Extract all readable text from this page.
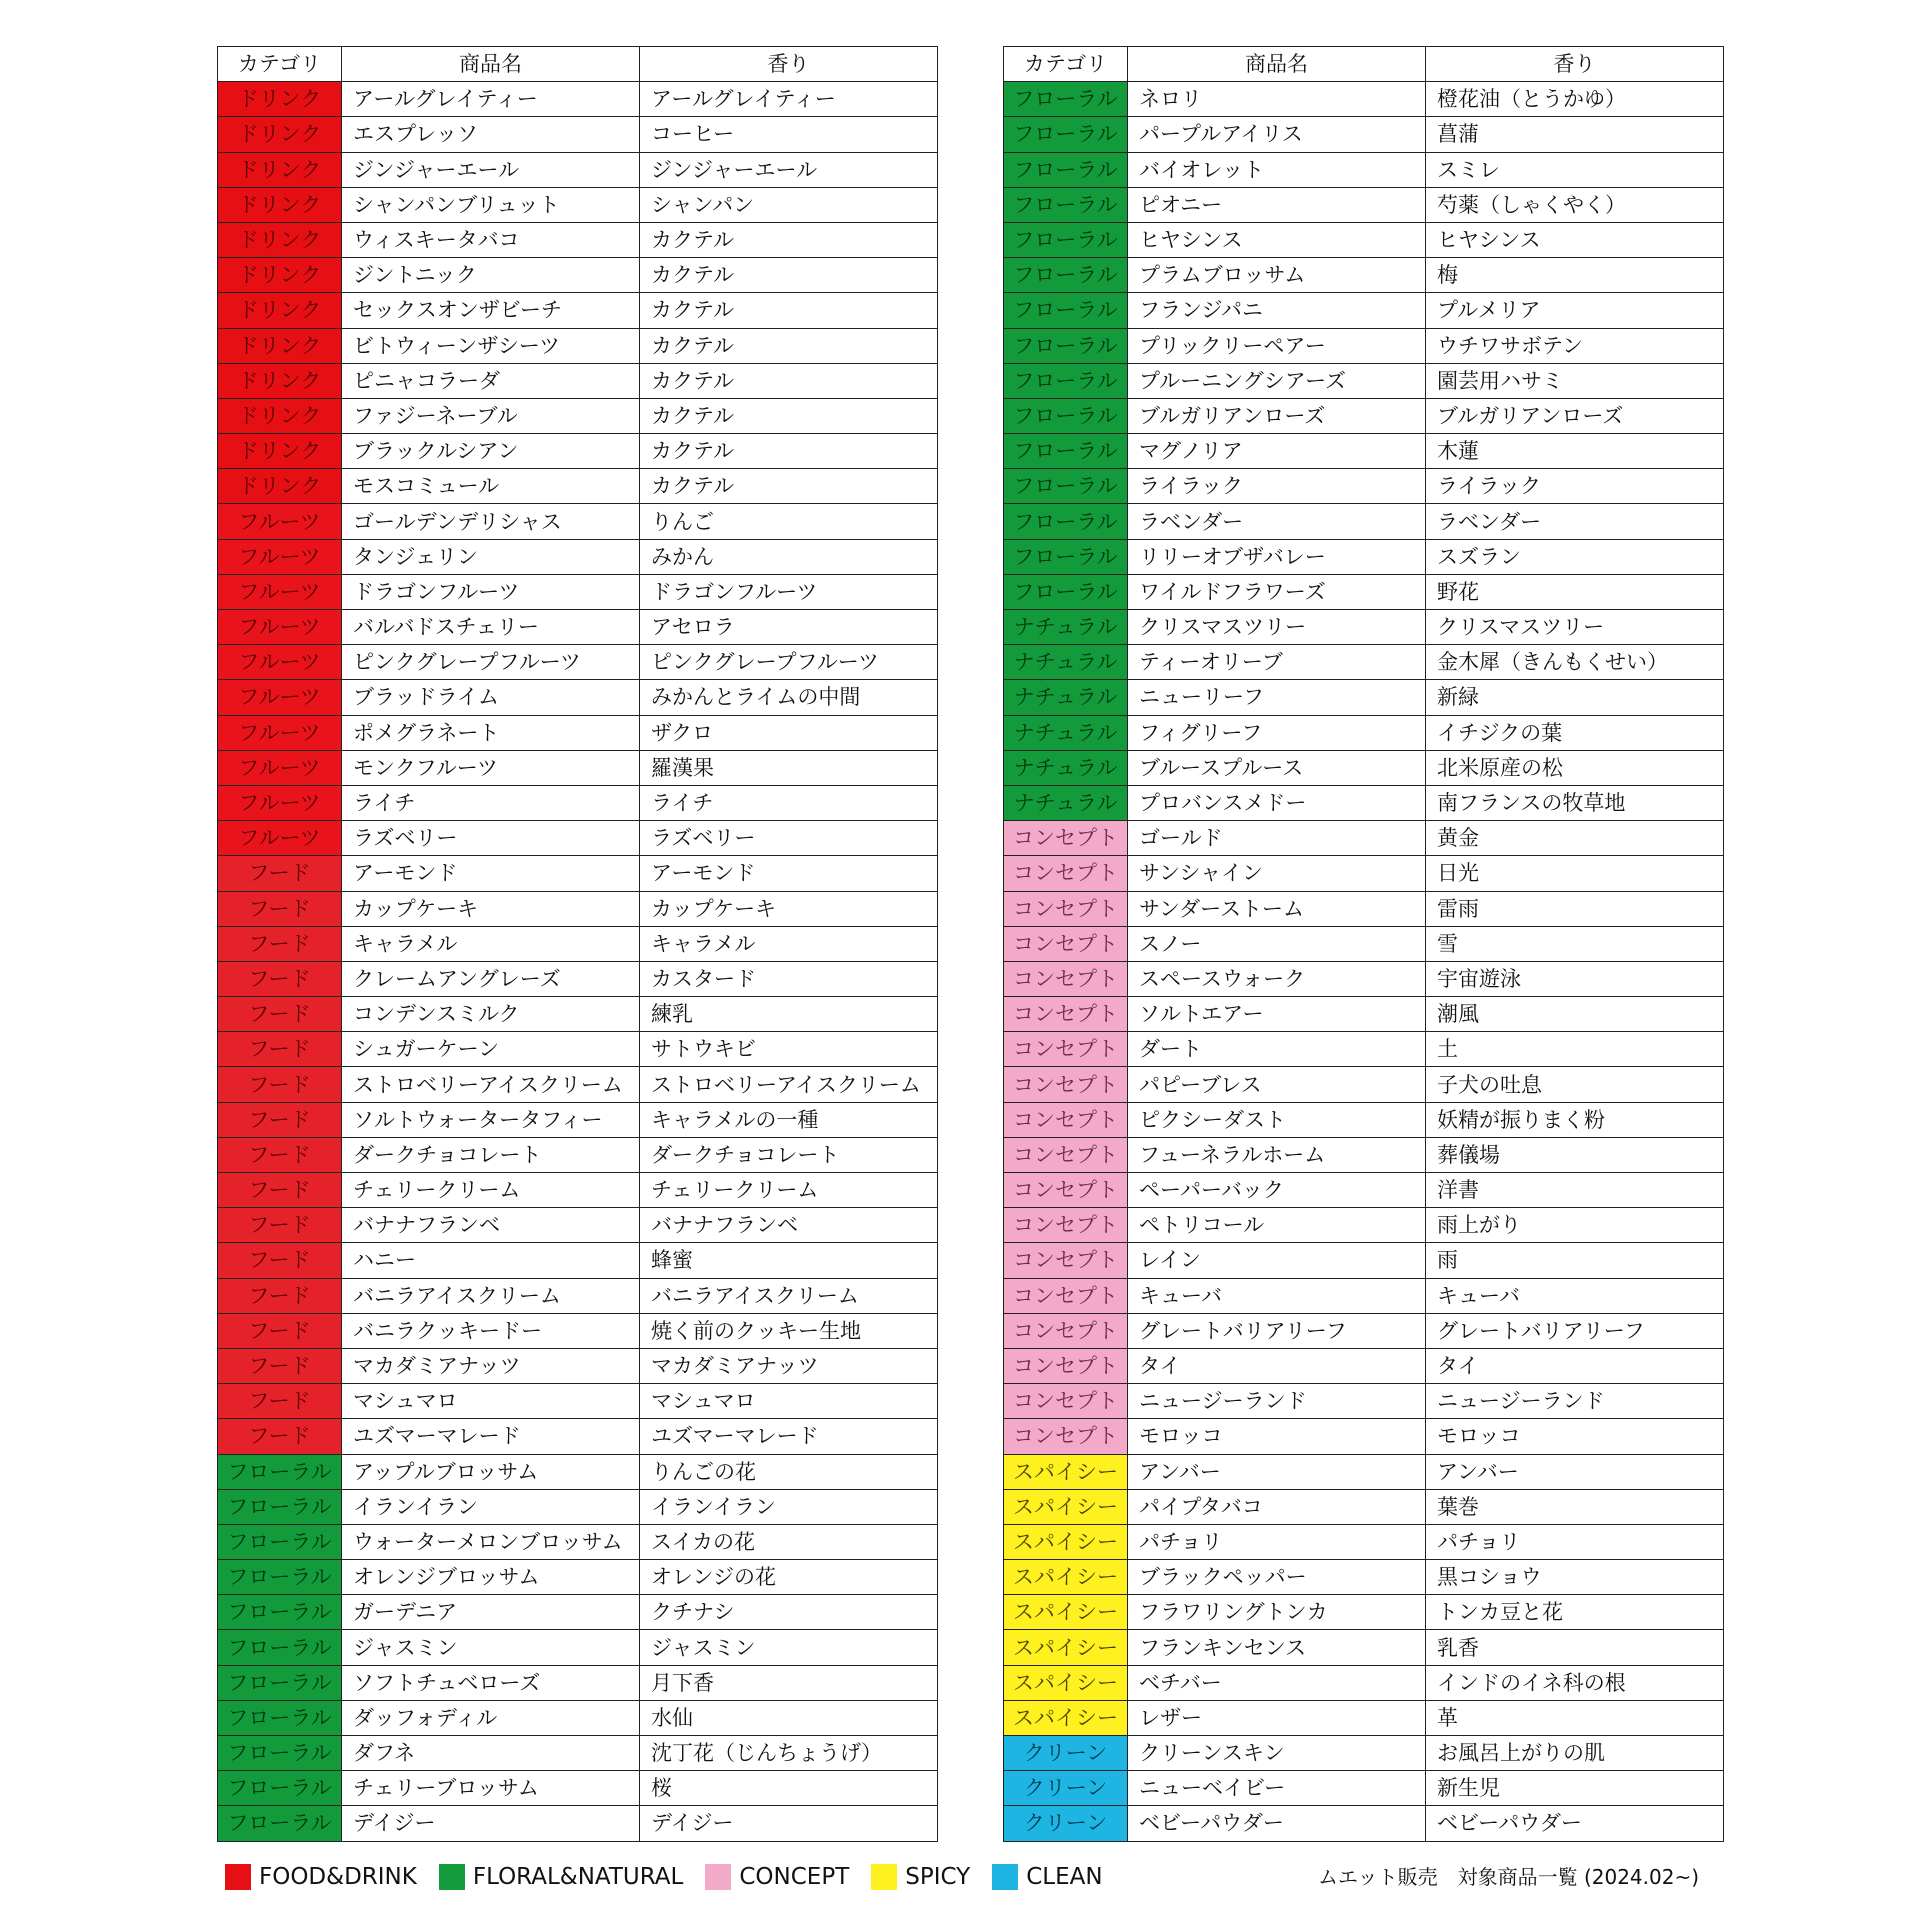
カテゴリ	商品名	香り
ドリンク	アールグレイティー	アールグレイティー
ドリンク	エスプレッソ	コーヒー
ドリンク	ジンジャーエール	ジンジャーエール
ドリンク	シャンパンブリュット	シャンパン
ドリンク	ウィスキータバコ	カクテル
ドリンク	ジントニック	カクテル
ドリンク	セックスオンザビーチ	カクテル
ドリンク	ビトウィーンザシーツ	カクテル
ドリンク	ピニャコラーダ	カクテル
ドリンク	ファジーネーブル	カクテル
ドリンク	ブラックルシアン	カクテル
ドリンク	モスコミュール	カクテル
フルーツ	ゴールデンデリシャス	りんご
フルーツ	タンジェリン	みかん
フルーツ	ドラゴンフルーツ	ドラゴンフルーツ
フルーツ	バルバドスチェリー	アセロラ
フルーツ	ピンクグレープフルーツ	ピンクグレープフルーツ
フルーツ	ブラッドライム	みかんとライムの中間
フルーツ	ポメグラネート	ザクロ
フルーツ	モンクフルーツ	羅漢果
フルーツ	ライチ	ライチ
フルーツ	ラズベリー	ラズベリー
フード	アーモンド	アーモンド
フード	カップケーキ	カップケーキ
フード	キャラメル	キャラメル
フード	クレームアングレーズ	カスタード
フード	コンデンスミルク	練乳
フード	シュガーケーン	サトウキビ
フード	ストロベリーアイスクリーム	ストロベリーアイスクリーム
フード	ソルトウォータータフィー	キャラメルの一種
フード	ダークチョコレート	ダークチョコレート
フード	チェリークリーム	チェリークリーム
フード	バナナフランベ	バナナフランベ
フード	ハニー	蜂蜜
フード	バニラアイスクリーム	バニラアイスクリーム
フード	バニラクッキードー	焼く前のクッキー生地
フード	マカダミアナッツ	マカダミアナッツ
フード	マシュマロ	マシュマロ
フード	ユズマーマレード	ユズマーマレード
フローラル	アップルブロッサム	りんごの花
フローラル	イランイラン	イランイラン
フローラル	ウォーターメロンブロッサム	スイカの花
フローラル	オレンジブロッサム	オレンジの花
フローラル	ガーデニア	クチナシ
フローラル	ジャスミン	ジャスミン
フローラル	ソフトチュベローズ	月下香
フローラル	ダッフォディル	水仙
フローラル	ダフネ	沈丁花（じんちょうげ）
フローラル	チェリーブロッサム	桜
フローラル	デイジー	デイジー
カテゴリ	商品名	香り
フローラル	ネロリ	橙花油（とうかゆ）
フローラル	パープルアイリス	菖蒲
フローラル	バイオレット	スミレ
フローラル	ピオニー	芍薬（しゃくやく）
フローラル	ヒヤシンス	ヒヤシンス
フローラル	プラムブロッサム	梅
フローラル	フランジパニ	プルメリア
フローラル	プリックリーペアー	ウチワサボテン
フローラル	プルーニングシアーズ	園芸用ハサミ
フローラル	ブルガリアンローズ	ブルガリアンローズ
フローラル	マグノリア	木蓮
フローラル	ライラック	ライラック
フローラル	ラベンダー	ラベンダー
フローラル	リリーオブザバレー	スズラン
フローラル	ワイルドフラワーズ	野花
ナチュラル	クリスマスツリー	クリスマスツリー
ナチュラル	ティーオリーブ	金木犀（きんもくせい）
ナチュラル	ニューリーフ	新緑
ナチュラル	フィグリーフ	イチジクの葉
ナチュラル	ブルースプルース	北米原産の松
ナチュラル	プロバンスメドー	南フランスの牧草地
コンセプト	ゴールド	黄金
コンセプト	サンシャイン	日光
コンセプト	サンダーストーム	雷雨
コンセプト	スノー	雪
コンセプト	スペースウォーク	宇宙遊泳
コンセプト	ソルトエアー	潮風
コンセプト	ダート	土
コンセプト	パピーブレス	子犬の吐息
コンセプト	ピクシーダスト	妖精が振りまく粉
コンセプト	フューネラルホーム	葬儀場
コンセプト	ペーパーバック	洋書
コンセプト	ペトリコール	雨上がり
コンセプト	レイン	雨
コンセプト	キューバ	キューバ
コンセプト	グレートバリアリーフ	グレートバリアリーフ
コンセプト	タイ	タイ
コンセプト	ニュージーランド	ニュージーランド
コンセプト	モロッコ	モロッコ
スパイシー	アンバー	アンバー
スパイシー	パイプタバコ	葉巻
スパイシー	パチョリ	パチョリ
スパイシー	ブラックペッパー	黒コショウ
スパイシー	フラワリングトンカ	トンカ豆と花
スパイシー	フランキンセンス	乳香
スパイシー	ベチバー	インドのイネ科の根
スパイシー	レザー	革
クリーン	クリーンスキン	お風呂上がりの肌
クリーン	ニューベイビー	新生児
クリーン	ベビーパウダー	ベビーパウダー
FOOD&DRINK FLORAL&NATURAL CONCEPT SPICY CLEAN	ムエット販売　対象商品一覧 (2024.02~)
